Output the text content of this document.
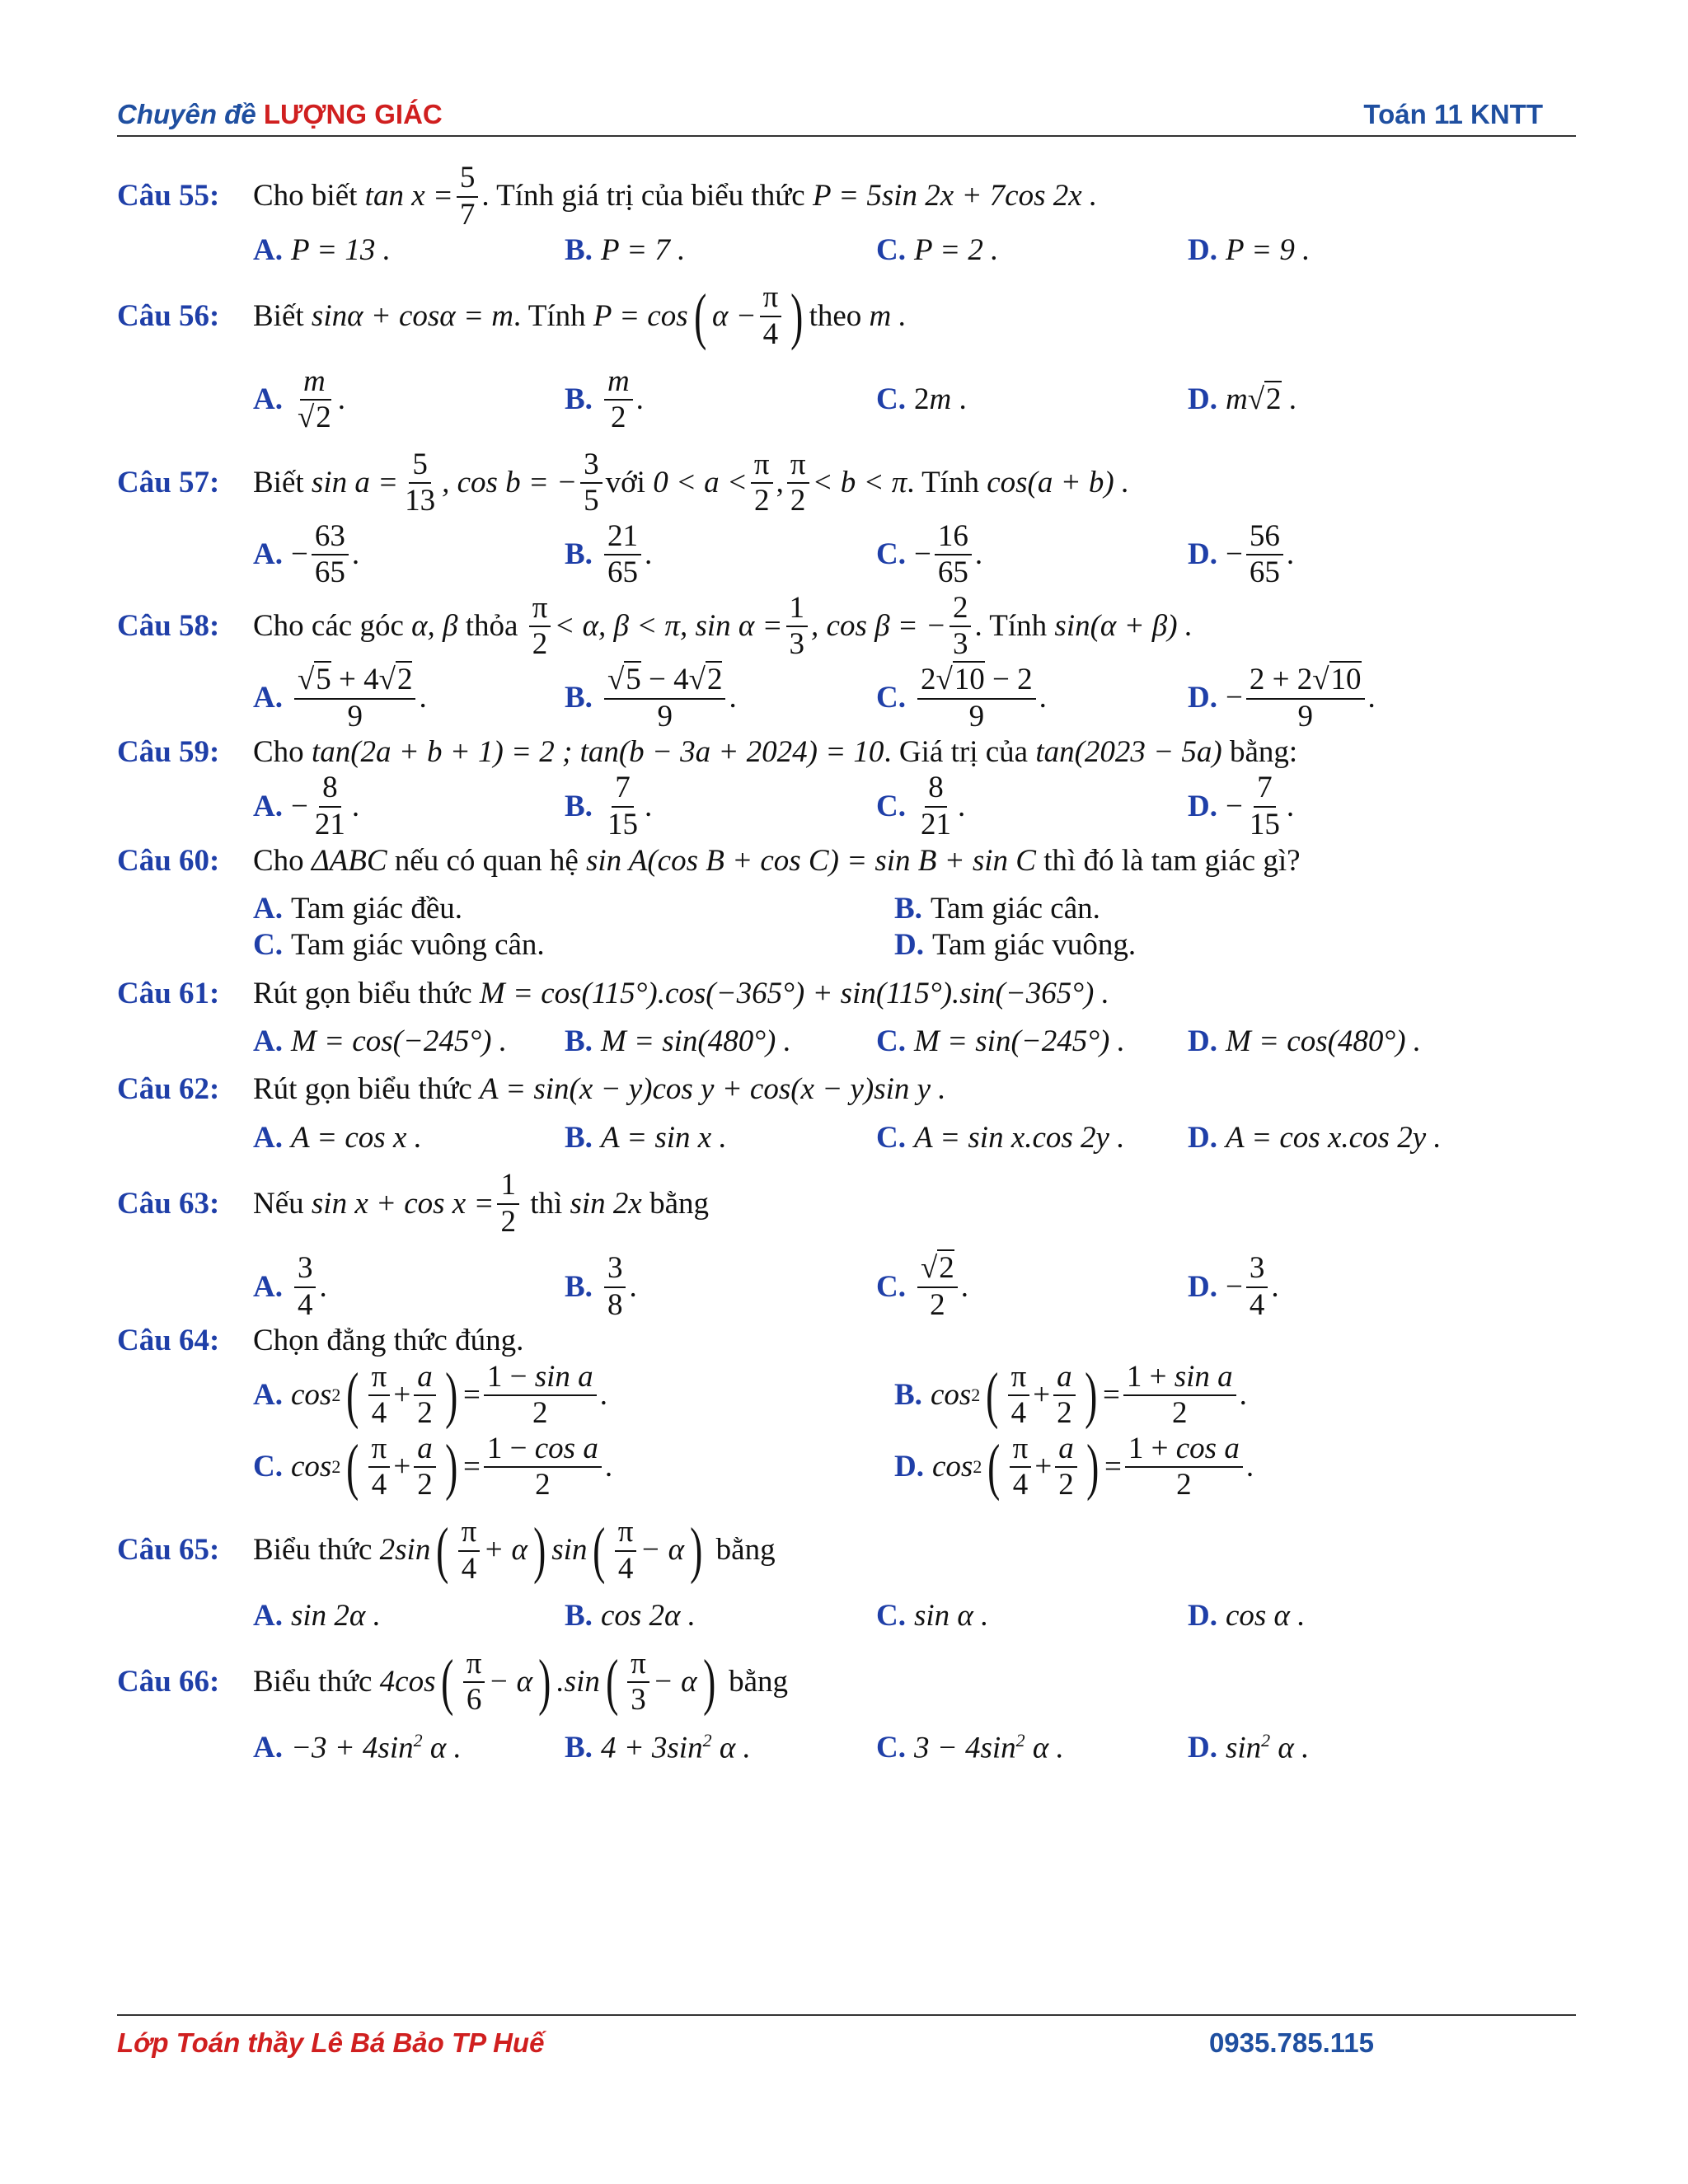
Chuyên đề LƯỢNG GIÁC	Toán 11 KNTT
Câu 55:	Cho biết
$\tan x = \frac{5}{7}$ . Tính giá trị của biểu thức
P = 5sin 2x + 7cos 2x .
A. P = 13 .	B. P = 7 .	C. P = 2 .	D. P = 9 .
Câu 56:	Biết
sinα + cosα = m . Tính
P = cos ( $\alpha - \frac{\pi}{4}$ ) theo
m .
A. $\frac{m}{√2}$ .	B. $\frac{m}{2}$ .	C. 2m .	D. m√2 .
Câu 57:	Biết
$\sin a = \frac{5}{13}$ , cos b = − $\frac{3}{5}$ với
$0 < a < \frac{\pi}{2}$ , $\frac{\pi}{2} < b < \pi$ . Tính
cos(a + b) .
A. − $\frac{63}{65}$ .	B. $\frac{21}{65}$ .	C. − $\frac{16}{65}$ .	D. − $\frac{56}{65}$ .
Câu 58:	Cho các góc
α, β
thỏa
$\frac{\pi}{2} < \alpha$, β < π, $\sin \alpha = \frac{1}{3}$ , cos β = − $\frac{2}{3}$ . Tính
sin(α + β) .
A. $\frac{√5 + 4√2}{9}$ .	B. $\frac{√5 - 4√2}{9}$ .	C. $\frac{2√10 - 2}{9}$ .	D. − $\frac{2 + 2√10}{9}$ .
Câu 59:	Cho
tan(2a + b + 1) = 2 ; tan(b − 3a + 2024) = 10 . Giá trị của
tan(2023 − 5a)
bằng:
A. − $\frac{8}{21}$ .	B. $\frac{7}{15}$ .	C. $\frac{8}{21}$ .	D. − $\frac{7}{15}$ .
Câu 60:	Cho
ΔABC
nếu có quan hệ
sin A(cos B + cos C) = sin B + sin C
thì đó là tam giác gì?
A. Tam giác đều.	B. Tam giác cân.
C. Tam giác vuông cân.	D. Tam giác vuông.
Câu 61:	Rút gọn biểu thức
M = cos(115°).cos(−365°) + sin(115°).sin(−365°) .
A. M = cos(−245°) . B. M = sin(480°) .	C. M = sin(−245°) . D. M = cos(480°) .
Câu 62:	Rút gọn biểu thức
A = sin(x − y)cos y + cos(x − y)sin y .
A. A = cos x .	B. A = sin x .	C. A = sin x.cos 2y . D. A = cos x.cos 2y .
Câu 63:	Nếu
$\sin x + \cos x = \frac{1}{2}$
thì
sin 2x
bằng
A. $\frac{3}{4}$ .	B. $\frac{3}{8}$ .	C. $\frac{√2}{2}$ .	D. − $\frac{3}{4}$ .
Câu 64:	Chọn đẳng thức đúng.
A. cos 2 ( $\frac{\pi}{4} + \frac{a}{2}$ ) = $\frac{\text{1 − sin a}}{2}$ .	B. cos 2 ( $\frac{\pi}{4} + \frac{a}{2}$ ) = $\frac{\text{1 + sin a}}{2}$ .
C. cos 2 ( $\frac{\pi}{4} + \frac{a}{2}$ ) = $\frac{\text{1 − cos a}}{2}$ .	D. cos 2 ( $\frac{\pi}{4} + \frac{a}{2}$ ) = $\frac{\text{1 + cos a}}{2}$ .
Câu 65:	Biểu thức
2sin ( $\frac{\pi}{4} + \alpha$ ) sin ( $\frac{\pi}{4} - \alpha$ )
bằng
A. sin 2α .	B. cos 2α .	C. sin α .	D. cos α .
Câu 66:	Biểu thức
4cos ( $\frac{\pi}{6} - \alpha$ ) .sin ( $\frac{\pi}{3} - \alpha$ )
bằng
A. $-3 + 4\sin^2$ α .	B. $4 + 3\sin^2$ α .	C. $3 - 4\sin^2$ α .	D. $\sin^2 \alpha$ .
Lớp Toán thầy Lê Bá Bảo TP Huế	0935.785.115
